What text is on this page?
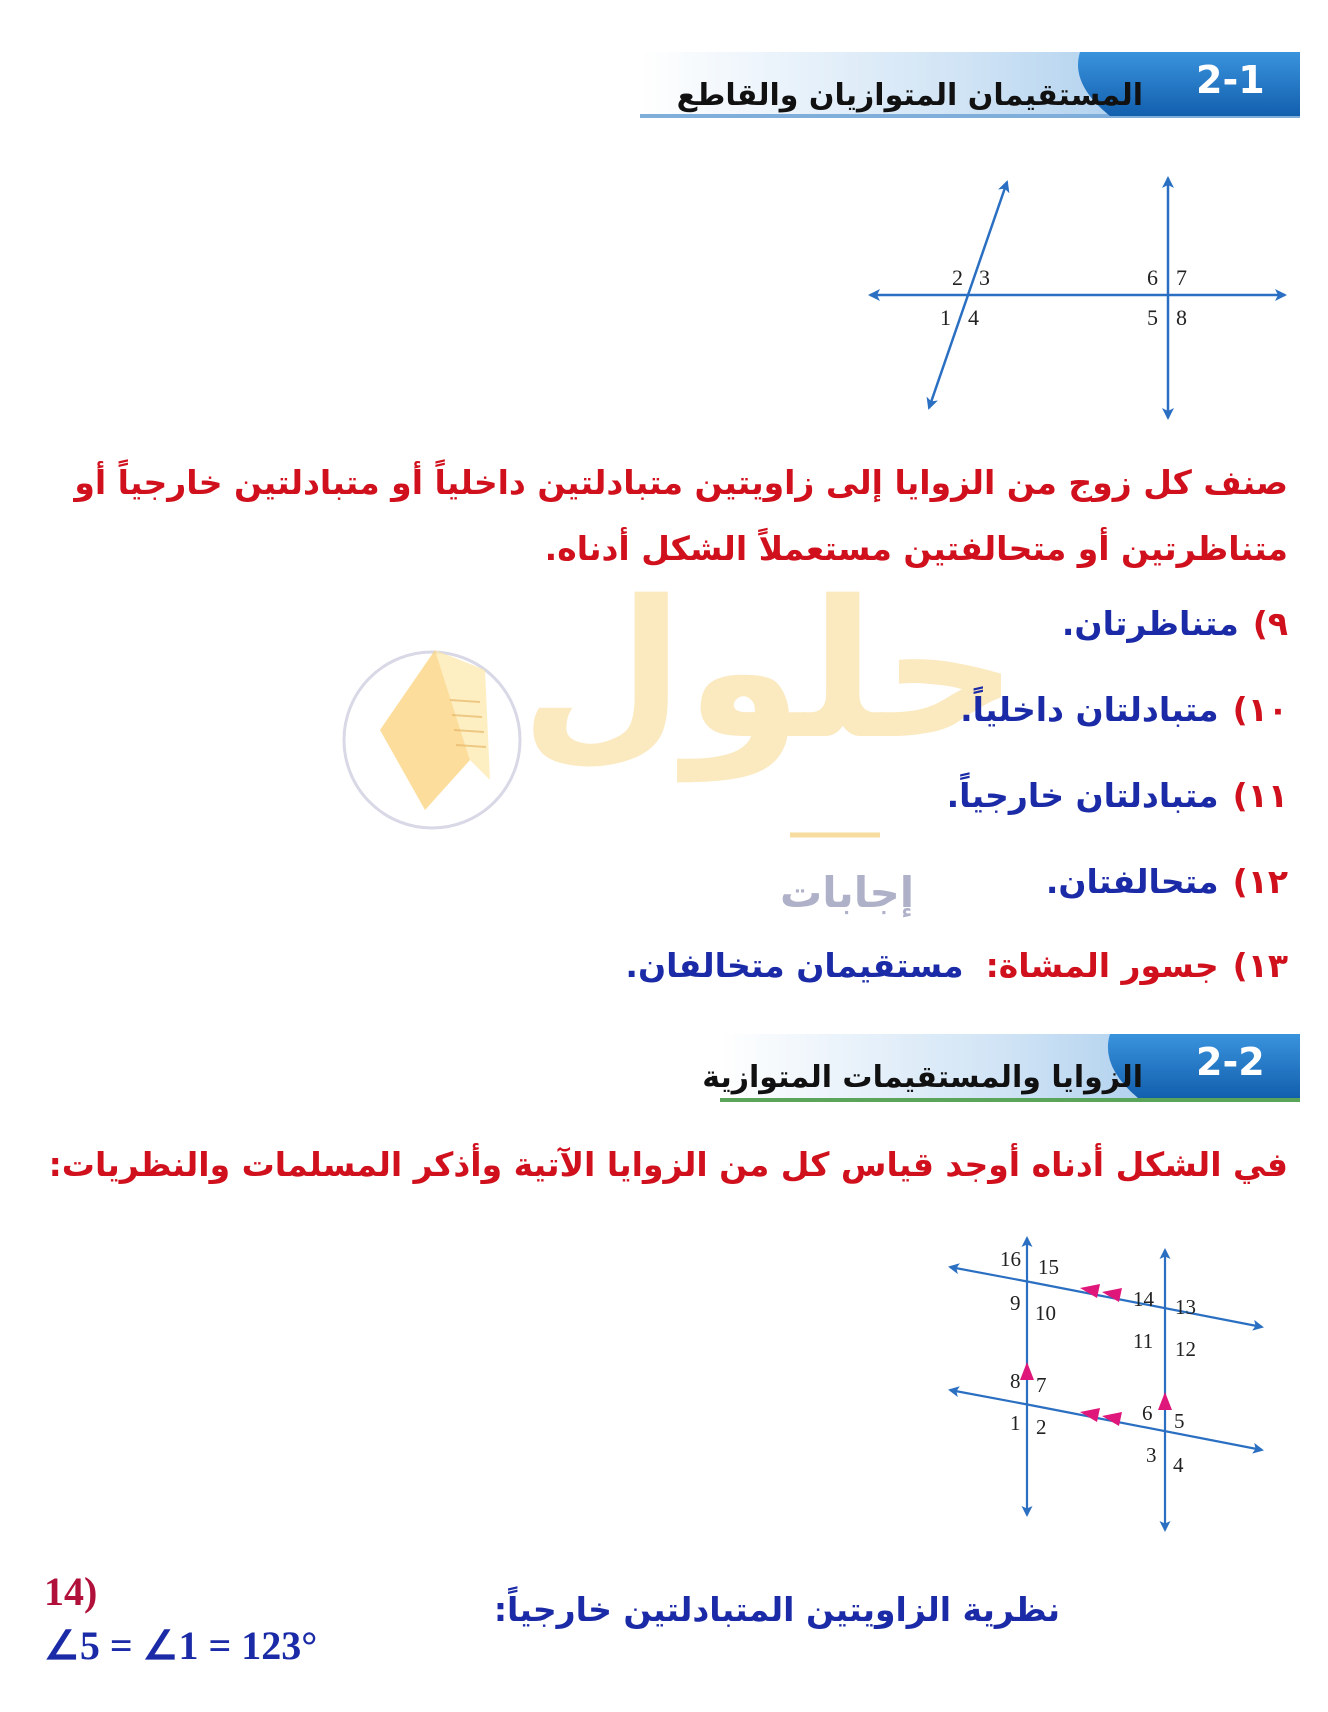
2-1
المستقيمان المتوازيان والقاطع
2 3
1 4
6 7
5 8
صنف كل زوج من الزوايا إلى زاويتين متبادلتين داخلياً أو متبادلتين خارجياً أو متناظرتين أو متحالفتين مستعملاً الشكل أدناه.
حلول
إجابات
٩)متناظرتان.
١٠)متبادلتان داخلياً.
١١)متبادلتان خارجياً.
١٢)متحالفتان.
١٣)جسور المشاة:مستقيمان متخالفان.
2-2
الزوايا والمستقيمات المتوازية
في الشكل أدناه أوجد قياس كل من الزوايا الآتية وأذكر المسلمات والنظريات:
16 15
9 10
14 13
11 12
8 7
1 2
6 5
3 4
14)
∠5 = ∠1 = 123°
نظرية الزاويتين المتبادلتين خارجياً:
